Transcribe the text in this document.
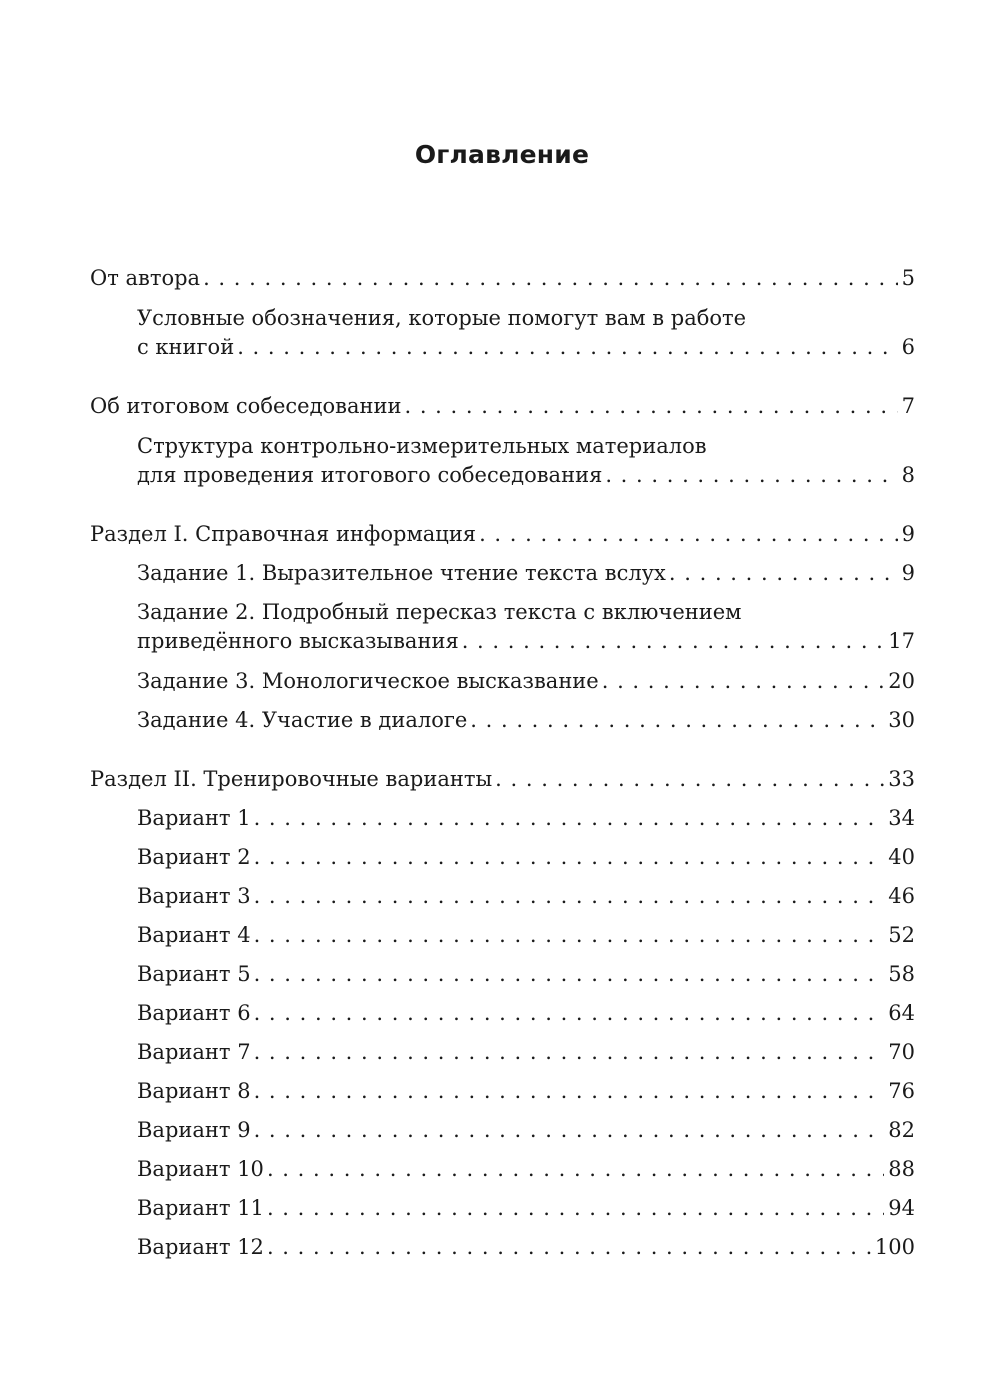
Оглавление
От автора . . .	5
Условные обозначения, которые помогут вам в работе
с книгой . . .	6
Об итоговом собеседовании . . .	7
Структура контрольно-измерительных материалов
для проведения итогового собеседования . . .	8
Раздел I. Справочная информация . . .	9
Задание 1. Выразительное чтение текста вслух . . .	9
Задание 2. Подробный пересказ текста с включением
приведённого высказывания . . .	17
Задание 3. Монологическое высказвание . . .	20
Задание 4. Участие в диалоге . . .	30
Раздел II. Тренировочные варианты . . .	33
Вариант 1 . . .	34
Вариант 2 . . .	40
Вариант 3 . . .	46
Вариант 4 . . .	52
Вариант 5 . . .	58
Вариант 6 . . .	64
Вариант 7 . . .	70
Вариант 8 . . .	76
Вариант 9 . . .	82
Вариант 10 . . .	88
Вариант 11 . . .	94
Вариант 12 . . .	100
